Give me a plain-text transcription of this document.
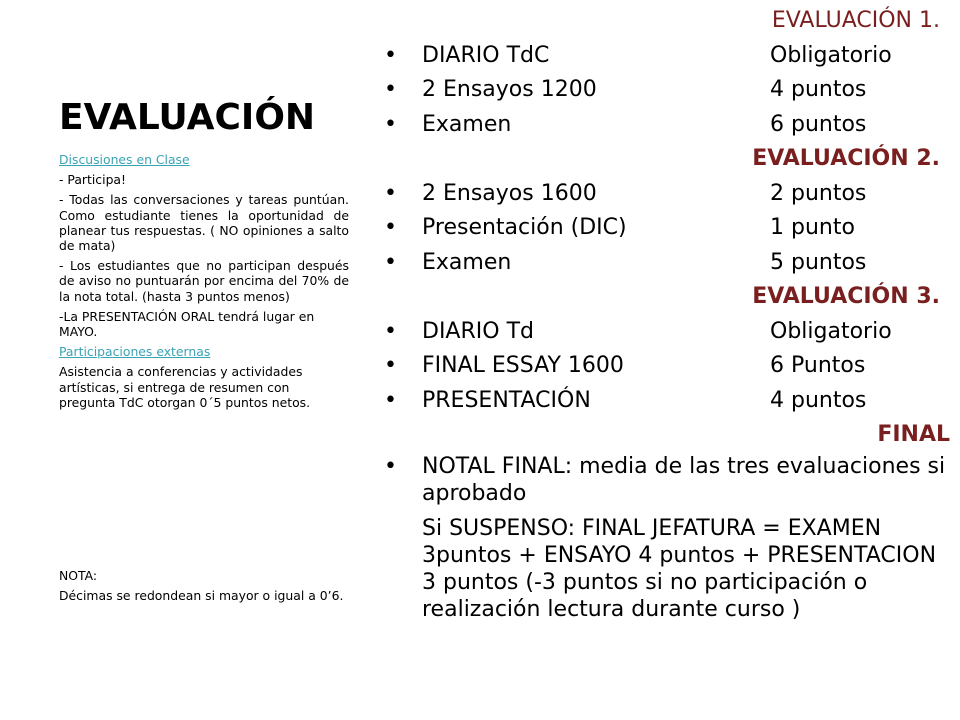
EVALUACIÓN

Discusiones en Clase

- Participa!

- Todas las conversaciones y tareas puntúan. Como estudiante tienes la oportunidad de planear tus respuestas. ( NO opiniones a salto de mata)

- Los estudiantes que no participan después de aviso no puntuarán por encima del 70% de la nota total. (hasta 3 puntos menos)

-La PRESENTACIÓN ORAL tendrá lugar en MAYO.

Participaciones externas

Asistencia a conferencias y actividades artísticas, si entrega de resumen con pregunta TdC otorgan 0´5 puntos netos.

NOTA:

Décimas se redondean si mayor o igual a 0’6.

EVALUACIÓN 1.
•	DIARIO TdC	Obligatorio
•	2 Ensayos 1200	4 puntos
•	Examen	6 puntos
EVALUACIÓN 2.
•	2 Ensayos 1600	2 puntos
•	Presentación (DIC)	1 punto
•	Examen	5 puntos
EVALUACIÓN 3.
•	DIARIO Td	Obligatorio
•	FINAL ESSAY 1600	6 Puntos
•	PRESENTACIÓN	4 puntos
FINAL
• NOTAL FINAL: media de las tres evaluaciones si aprobado
Si SUSPENSO: FINAL JEFATURA = EXAMEN 3puntos + ENSAYO 4 puntos + PRESENTACION 3 puntos (-3 puntos si no participación o realización lectura durante curso )
